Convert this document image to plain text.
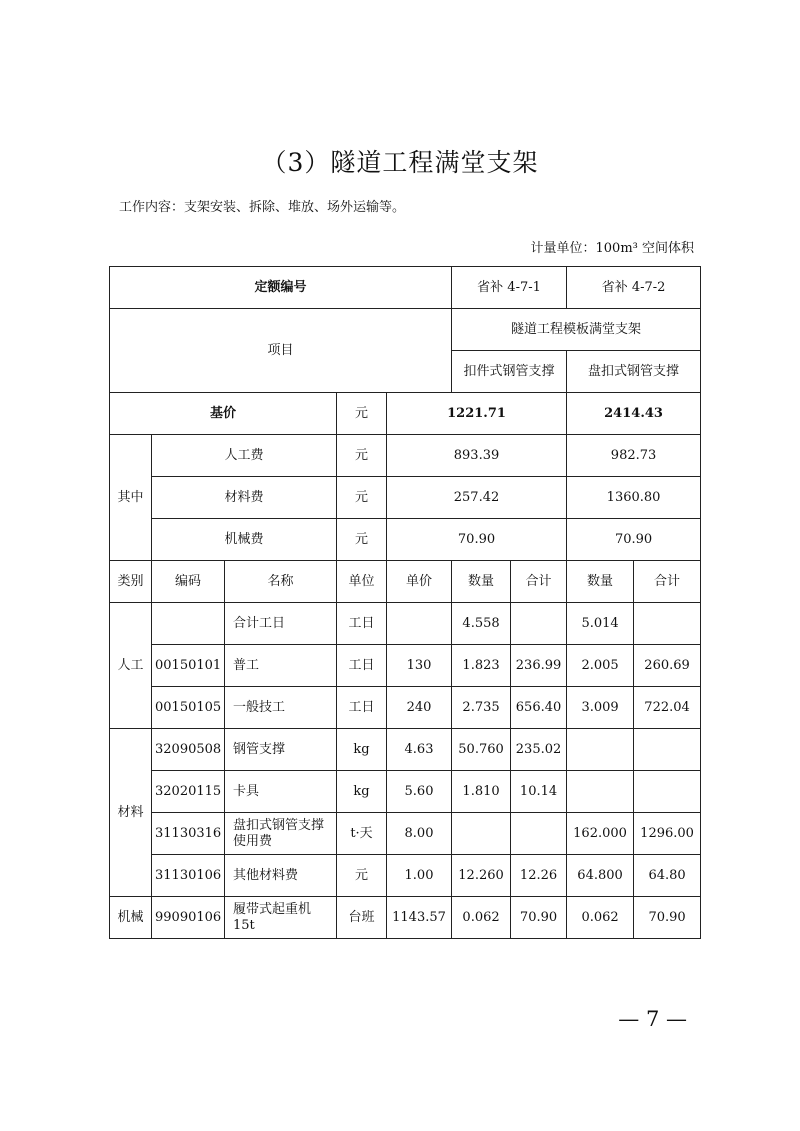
（3）隧道工程满堂支架
工作内容：支架安装、拆除、堆放、场外运输等。
计量单位：100m³ 空间体积
定额编号					省补 4-7-1		省补 4-7-2	
项目					隧道工程模板满堂支架			
					扣件式钢管支撑		盘扣式钢管支撑	
基价			元	1221.71			2414.43	
其中	人工费		元	893.39			982.73	
	材料费		元	257.42			1360.80	
	机械费		元	70.90			70.90	
类别	编码	名称	单位	单价	数量	合计	数量	合计
人工		合计工日	工日		4.558		5.014	
	00150101	普工	工日	130	1.823	236.99	2.005	260.69
	00150105	一般技工	工日	240	2.735	656.40	3.009	722.04
材料	32090508	钢管支撑	kg	4.63	50.760	235.02		
	32020115	卡具	kg	5.60	1.810	10.14		
	31130316	盘扣式钢管支撑使用费	t·天	8.00			162.000	1296.00
	31130106	其他材料费	元	1.00	12.260	12.26	64.800	64.80
机械	99090106	履带式起重机 15t	台班	1143.57	0.062	70.90	0.062	70.90
— 7 —
